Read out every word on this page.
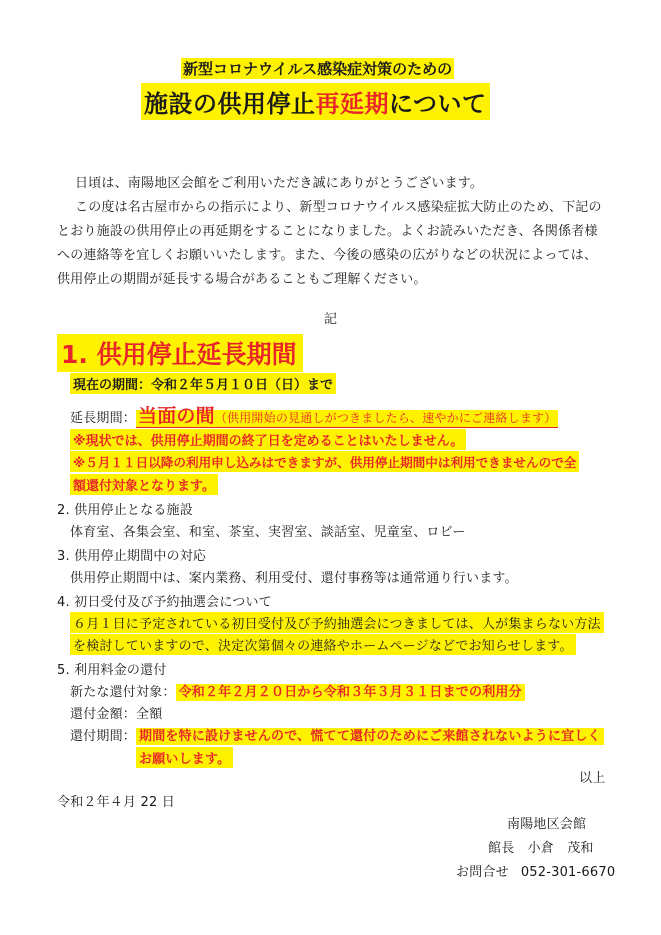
新型コロナウイルス感染症対策のための
施設の供用停止再延期について
日頃は、南陽地区会館をご利用いただき誠にありがとうございます。
この度は名古屋市からの指示により、新型コロナウイルス感染症拡大防止のため、下記の
とおり施設の供用停止の再延期をすることになりました。よくお読みいただき、各関係者様
への連絡等を宜しくお願いいたします。また、今後の感染の広がりなどの状況によっては、
供用停止の期間が延長する場合があることもご理解ください。
記
1. 供用停止延長期間
現在の期間：令和２年５月１０日（日）まで
延長期間： 当面の間（供用開始の見通しがつきましたら、速やかにご連絡します）
※現状では、供用停止期間の終了日を定めることはいたしません。
※５月１１日以降の利用申し込みはできますが、供用停止期間中は利用できませんので全
額還付対象となります。
2. 供用停止となる施設
体育室、各集会室、和室、茶室、実習室、談話室、児童室、ロビー
3. 供用停止期間中の対応
供用停止期間中は、案内業務、利用受付、還付事務等は通常通り行います。
4. 初日受付及び予約抽選会について
６月１日に予定されている初日受付及び予約抽選会につきましては、人が集まらない方法
を検討していますので、決定次第個々の連絡やホームページなどでお知らせします。
5. 利用料金の還付
新たな還付対象： 令和２年２月２０日から令和３年３月３１日までの利用分
還付金額：全額
還付期間： 期間を特に設けませんので、慌てて還付のためにご来館されないように宜しく
お願いします。
以上
令和２年４月 22 日
南陽地区会館
館長　小倉　茂和
お問合せ 052-301-6670
